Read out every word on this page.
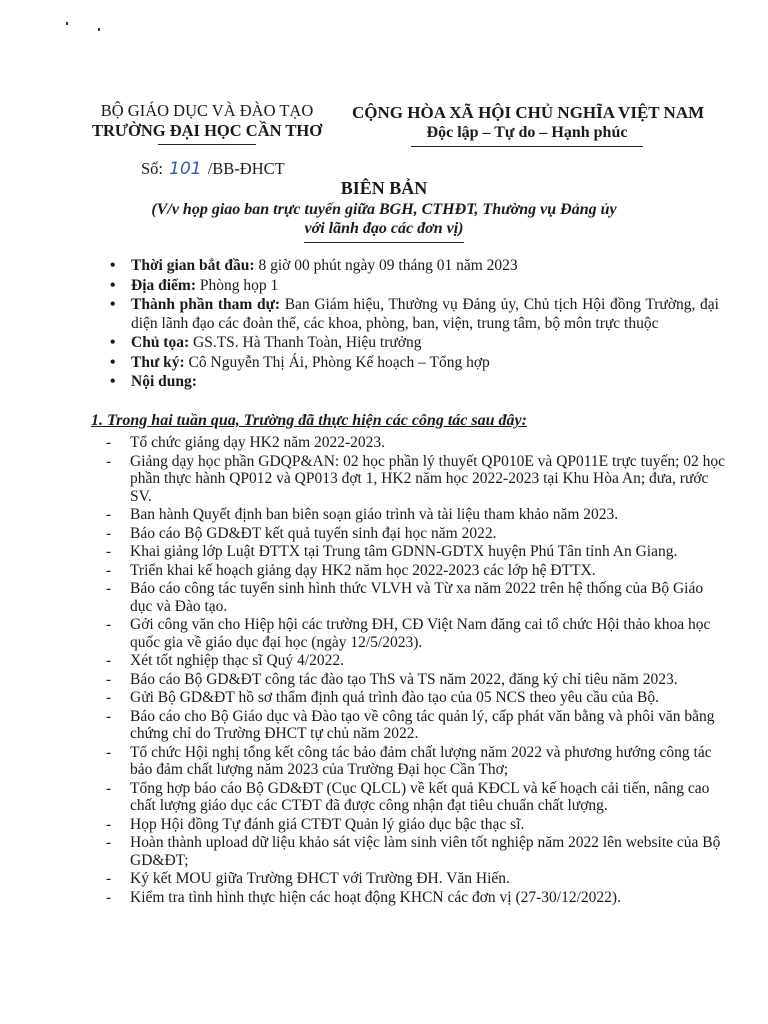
BỘ GIÁO DỤC VÀ ĐÀO TẠO
TRƯỜNG ĐẠI HỌC CẦN THƠ
CỘNG HÒA XÃ HỘI CHỦ NGHĨA VIỆT NAM
Độc lập – Tự do – Hạnh phúc
Số: 101 /BB-ĐHCT
BIÊN BẢN
(V/v họp giao ban trực tuyến giữa BGH, CTHĐT, Thường vụ Đảng ủy
với lãnh đạo các đơn vị)
• Thời gian bắt đầu: 8 giờ 00 phút ngày 09 tháng 01 năm 2023
• Địa điểm: Phòng họp 1
• Thành phần tham dự: Ban Giám hiệu, Thường vụ Đảng ủy, Chủ tịch Hội đồng Trường, đại diện lãnh đạo các đoàn thể, các khoa, phòng, ban, viện, trung tâm, bộ môn trực thuộc
• Chủ tọa: GS.TS. Hà Thanh Toàn, Hiệu trưởng
• Thư ký: Cô Nguyễn Thị Ái, Phòng Kế hoạch – Tổng hợp
• Nội dung:
1. Trong hai tuần qua, Trường đã thực hiện các công tác sau đây:
- Tổ chức giảng dạy HK2 năm 2022-2023.
- Giảng dạy học phần GDQP&AN: 02 học phần lý thuyết QP010E và QP011E trực tuyến; 02 học phần thực hành QP012 và QP013 đợt 1, HK2 năm học 2022-2023 tại Khu Hòa An; đưa, rước SV.
- Ban hành Quyết định ban biên soạn giáo trình và tài liệu tham khảo năm 2023.
- Báo cáo Bộ GD&ĐT kết quả tuyển sinh đại học năm 2022.
- Khai giảng lớp Luật ĐTTX tại Trung tâm GDNN-GDTX huyện Phú Tân tỉnh An Giang.
- Triển khai kế hoạch giảng dạy HK2 năm học 2022-2023 các lớp hệ ĐTTX.
- Báo cáo công tác tuyển sinh hình thức VLVH và Từ xa năm 2022 trên hệ thống của Bộ Giáo dục và Đào tạo.
- Gởi công văn cho Hiệp hội các trường ĐH, CĐ Việt Nam đăng cai tổ chức Hội thảo khoa học quốc gia về giáo dục đại học (ngày 12/5/2023).
- Xét tốt nghiệp thạc sĩ Quý 4/2022.
- Báo cáo Bộ GD&ĐT công tác đào tạo ThS và TS năm 2022, đăng ký chỉ tiêu năm 2023.
- Gửi Bộ GD&ĐT hồ sơ thẩm định quá trình đào tạo của 05 NCS theo yêu cầu của Bộ.
- Báo cáo cho Bộ Giáo dục và Đào tạo về công tác quản lý, cấp phát văn bằng và phôi văn bằng chứng chỉ do Trường ĐHCT tự chủ năm 2022.
- Tổ chức Hội nghị tổng kết công tác bảo đảm chất lượng năm 2022 và phương hướng công tác bảo đảm chất lượng năm 2023 của Trường Đại học Cần Thơ;
- Tổng hợp báo cáo Bộ GD&ĐT (Cục QLCL) về kết quả KĐCL và kế hoạch cải tiến, nâng cao chất lượng giáo dục các CTĐT đã được công nhận đạt tiêu chuẩn chất lượng.
- Họp Hội đồng Tự đánh giá CTĐT Quản lý giáo dục bậc thạc sĩ.
- Hoàn thành upload dữ liệu khảo sát việc làm sinh viên tốt nghiệp năm 2022 lên website của Bộ GD&ĐT;
- Ký kết MOU giữa Trường ĐHCT với Trường ĐH. Văn Hiến.
- Kiểm tra tình hình thực hiện các hoạt động KHCN các đơn vị (27-30/12/2022).
